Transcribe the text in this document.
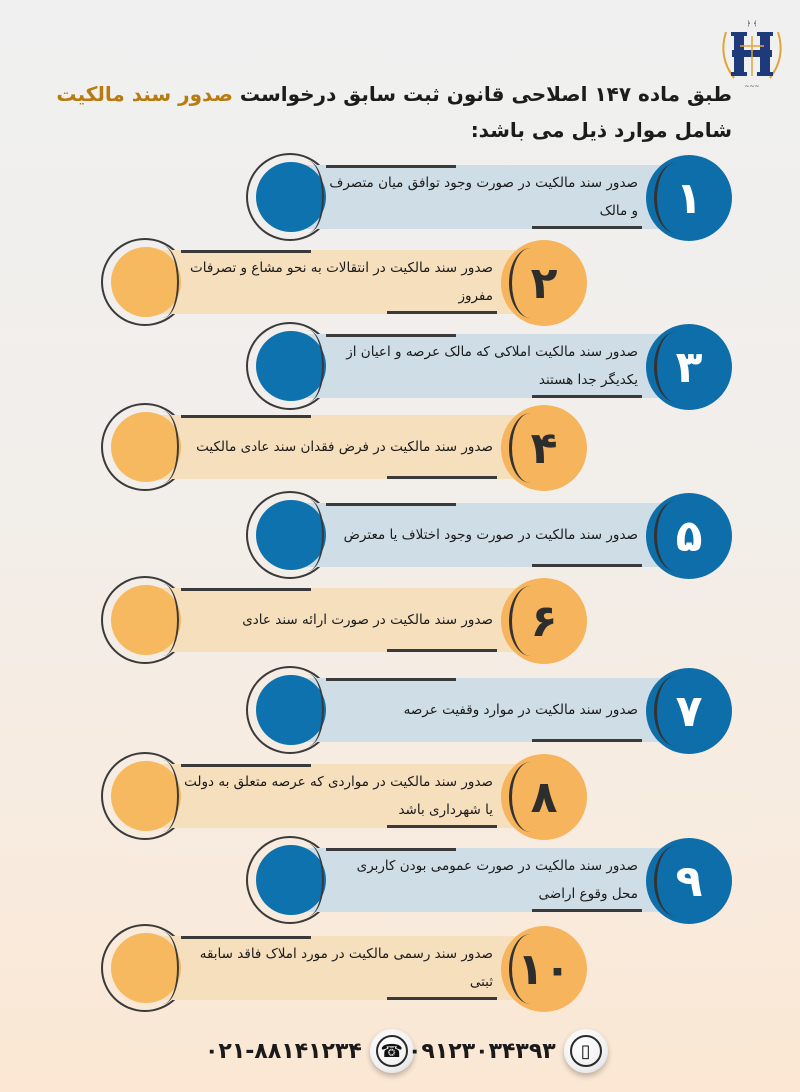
﴾ ﴿
~~~
طبق ماده ۱۴۷ اصلاحی قانون ثبت سابق درخواست صدور سند مالکیت
شامل موارد ذیل می باشد:
صدور سند مالکیت در صورت وجود توافق میان متصرف و مالک ۱
صدور سند مالکیت در انتقالات به نحو مشاع و تصرفات مفروز ۲
صدور سند مالکیت املاکی که مالک عرصه و اعیان از یکدیگر جدا هستند ۳
صدور سند مالکیت در فرض فقدان سند عادی مالکیت ۴
صدور سند مالکیت در صورت وجود اختلاف یا معترض ۵
صدور سند مالکیت در صورت ارائه سند عادی ۶
صدور سند مالکیت در موارد وقفیت عرصه ۷
صدور سند مالکیت در مواردی که عرصه متعلق به دولت یا شهرداری باشد ۸
صدور سند مالکیت در صورت عمومی بودن کاربری محل وقوع اراضی ۹
صدور سند رسمی مالکیت در مورد املاک فاقد سابقه ثبتی ۱۰
☎
۰۲۱-۸۸۱۴۱۲۳۴	▯
۰۹۱۲۳۰۳۴۳۹۳
